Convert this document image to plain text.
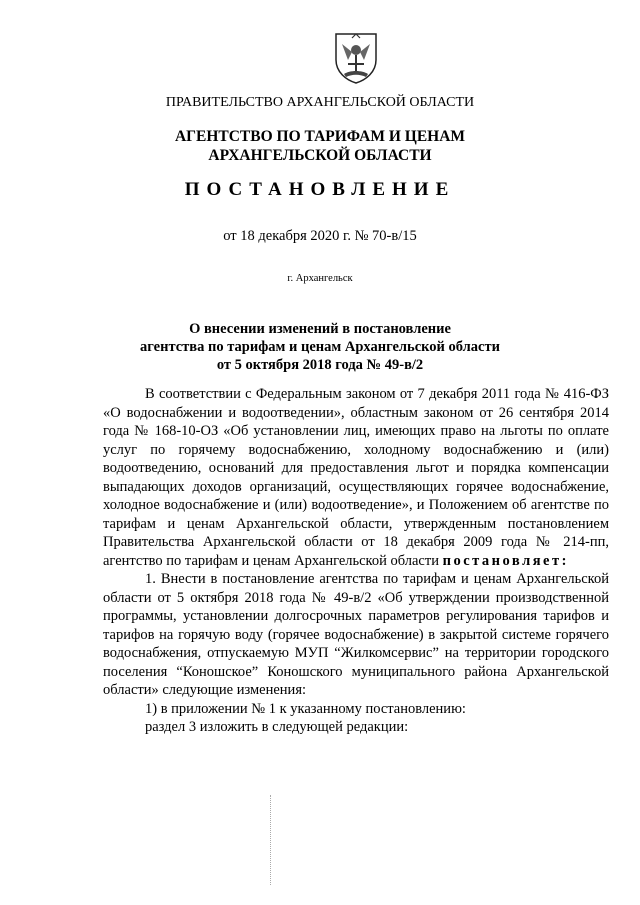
ПРАВИТЕЛЬСТВО АРХАНГЕЛЬСКОЙ ОБЛАСТИ
АГЕНТСТВО ПО ТАРИФАМ И ЦЕНАМ
АРХАНГЕЛЬСКОЙ ОБЛАСТИ
ПОСТАНОВЛЕНИЕ
от 18 декабря 2020 г. № 70-в/15
г. Архангельск
О внесении изменений в постановление
агентства по тарифам и ценам Архангельской области
от 5 октября 2018 года № 49-в/2

В соответствии с Федеральным законом от 7 декабря 2011 года № 416-ФЗ «О водоснабжении и водоотведении», областным законом от 26 сентября 2014 года № 168-10-ОЗ «Об установлении лиц, имеющих право на льготы по оплате услуг по горячему водоснабжению, холодному водоснабжению и (или) водоотведению, оснований для предоставления льгот и порядка компенсации выпадающих доходов организаций, осуществляющих горячее водоснабжение, холодное водоснабжение и (или) водоотведение», и Положением об агентстве по тарифам и ценам Архангельской области, утвержденным постановлением Правительства Архангельской области от 18 декабря 2009 года № 214-пп, агентство по тарифам и ценам Архангельской области постановляет:

1. Внести в постановление агентства по тарифам и ценам Архангельской области от 5 октября 2018 года № 49-в/2 «Об утверждении производственной программы, установлении долгосрочных параметров регулирования тарифов и тарифов на горячую воду (горячее водоснабжение) в закрытой системе горячего водоснабжения, отпускаемую МУП “Жилкомсервис” на территории городского поселения “Коношское” Коношского муниципального района Архангельской области» следующие изменения:

1) в приложении № 1 к указанному постановлению:

раздел 3 изложить в следующей редакции:
